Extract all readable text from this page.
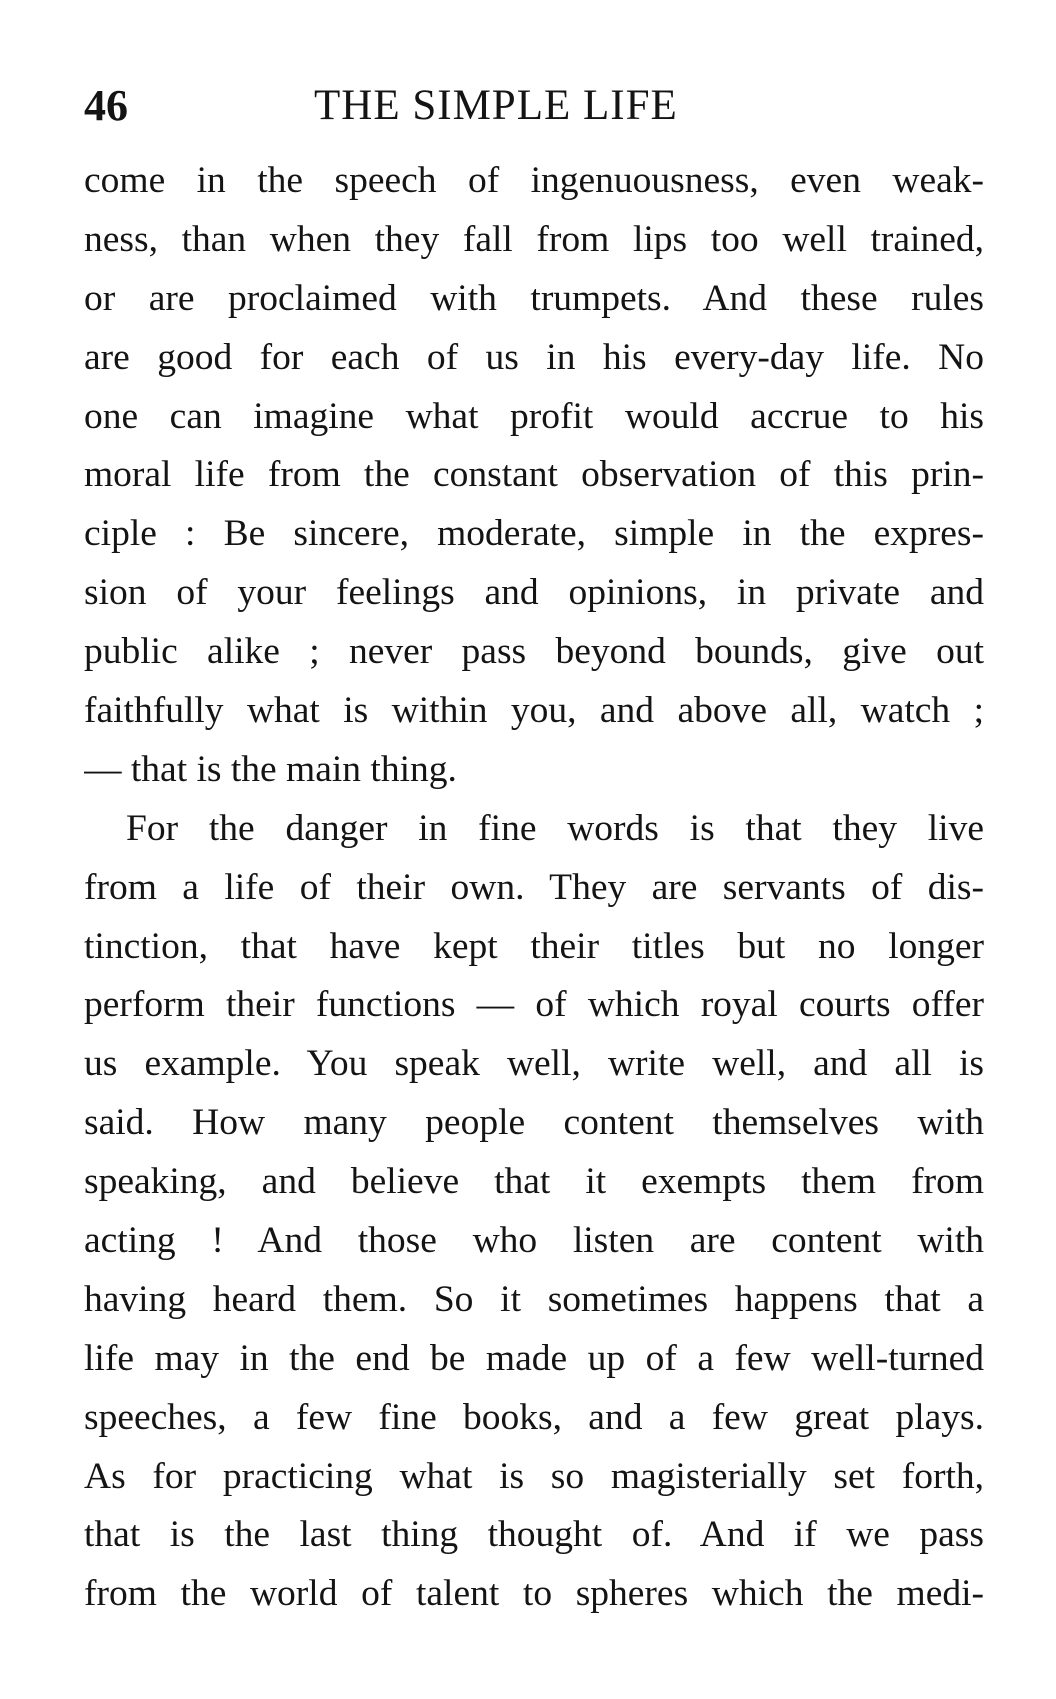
46	THE SIMPLE LIFE
come in the speech of ingenuousness, even weak-
ness, than when they fall from lips too well trained,
or are proclaimed with trumpets. And these rules
are good for each of us in his every-day life. No
one can imagine what profit would accrue to his
moral life from the constant observation of this prin-
ciple : Be sincere, moderate, simple in the expres-
sion of your feelings and opinions, in private and
public alike ; never pass beyond bounds, give out
faithfully what is within you, and above all, watch ;
— that is the main thing.
For the danger in fine words is that they live
from a life of their own. They are servants of dis-
tinction, that have kept their titles but no longer
perform their functions — of which royal courts offer
us example. You speak well, write well, and all is
said. How many people content themselves with
speaking, and believe that it exempts them from
acting ! And those who listen are content with
having heard them. So it sometimes happens that a
life may in the end be made up of a few well-turned
speeches, a few fine books, and a few great plays.
As for practicing what is so magisterially set forth,
that is the last thing thought of. And if we pass
from the world of talent to spheres which the medi-
